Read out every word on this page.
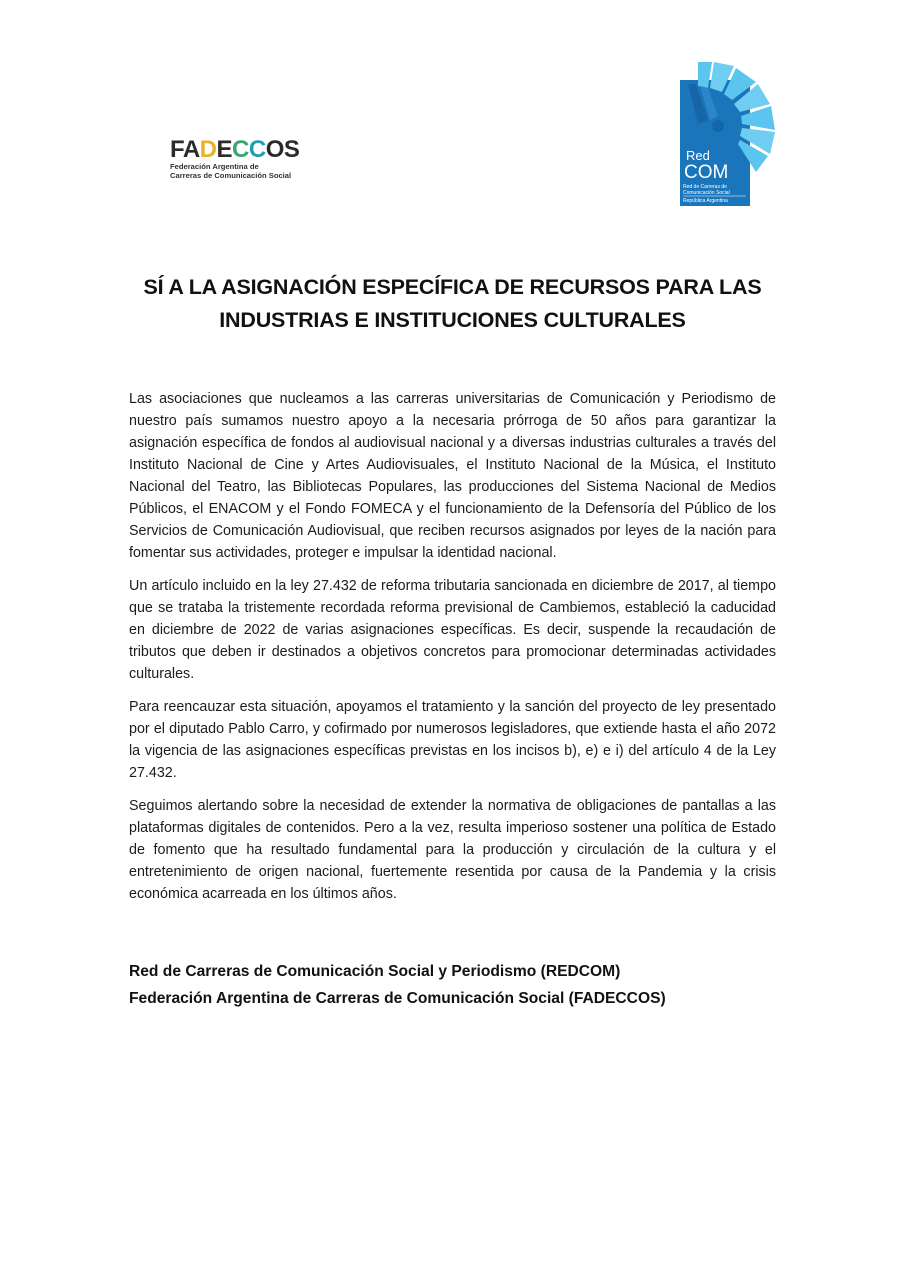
FADECCOS
Federación Argentina de
Carreras de Comunicación Social
Red
COM
Red de Carreras de
Comunicación Social
República Argentina
SÍ A LA ASIGNACIÓN ESPECÍFICA DE RECURSOS PARA LAS
INDUSTRIAS E INSTITUCIONES CULTURALES

Las asociaciones que nucleamos a las carreras universitarias de Comunicación y Periodismo de nuestro país sumamos nuestro apoyo a la necesaria prórroga de 50 años para garantizar la asignación específica de fondos al audiovisual nacional y a diversas industrias culturales a través del Instituto Nacional de Cine y Artes Audiovisuales, el Instituto Nacional de la Música, el Instituto Nacional del Teatro, las Bibliotecas Populares, las producciones del Sistema Nacional de Medios Públicos, el ENACOM y el Fondo FOMECA y el funcionamiento de la Defensoría del Público de los Servicios de Comunicación Audiovisual, que reciben recursos asignados por leyes de la nación para fomentar sus actividades, proteger e impulsar la identidad nacional.

Un artículo incluido en la ley 27.432 de reforma tributaria sancionada en diciembre de 2017, al tiempo que se trataba la tristemente recordada reforma previsional de Cambiemos, estableció la caducidad en diciembre de 2022 de varias asignaciones específicas. Es decir, suspende la recaudación de tributos que deben ir destinados a objetivos concretos para promocionar determinadas actividades culturales.

Para reencauzar esta situación, apoyamos el tratamiento y la sanción del proyecto de ley presentado por el diputado Pablo Carro, y cofirmado por numerosos legisladores, que extiende hasta el año 2072 la vigencia de las asignaciones específicas previstas en los incisos b), e) e i) del artículo 4 de la Ley 27.432.

Seguimos alertando sobre la necesidad de extender la normativa de obligaciones de pantallas a las plataformas digitales de contenidos. Pero a la vez, resulta imperioso sostener una política de Estado de fomento que ha resultado fundamental para la producción y circulación de la cultura y el entretenimiento de origen nacional, fuertemente resentida por causa de la Pandemia y la crisis económica acarreada en los últimos años.

Red de Carreras de Comunicación Social y Periodismo (REDCOM)
Federación Argentina de Carreras de Comunicación Social (FADECCOS)
